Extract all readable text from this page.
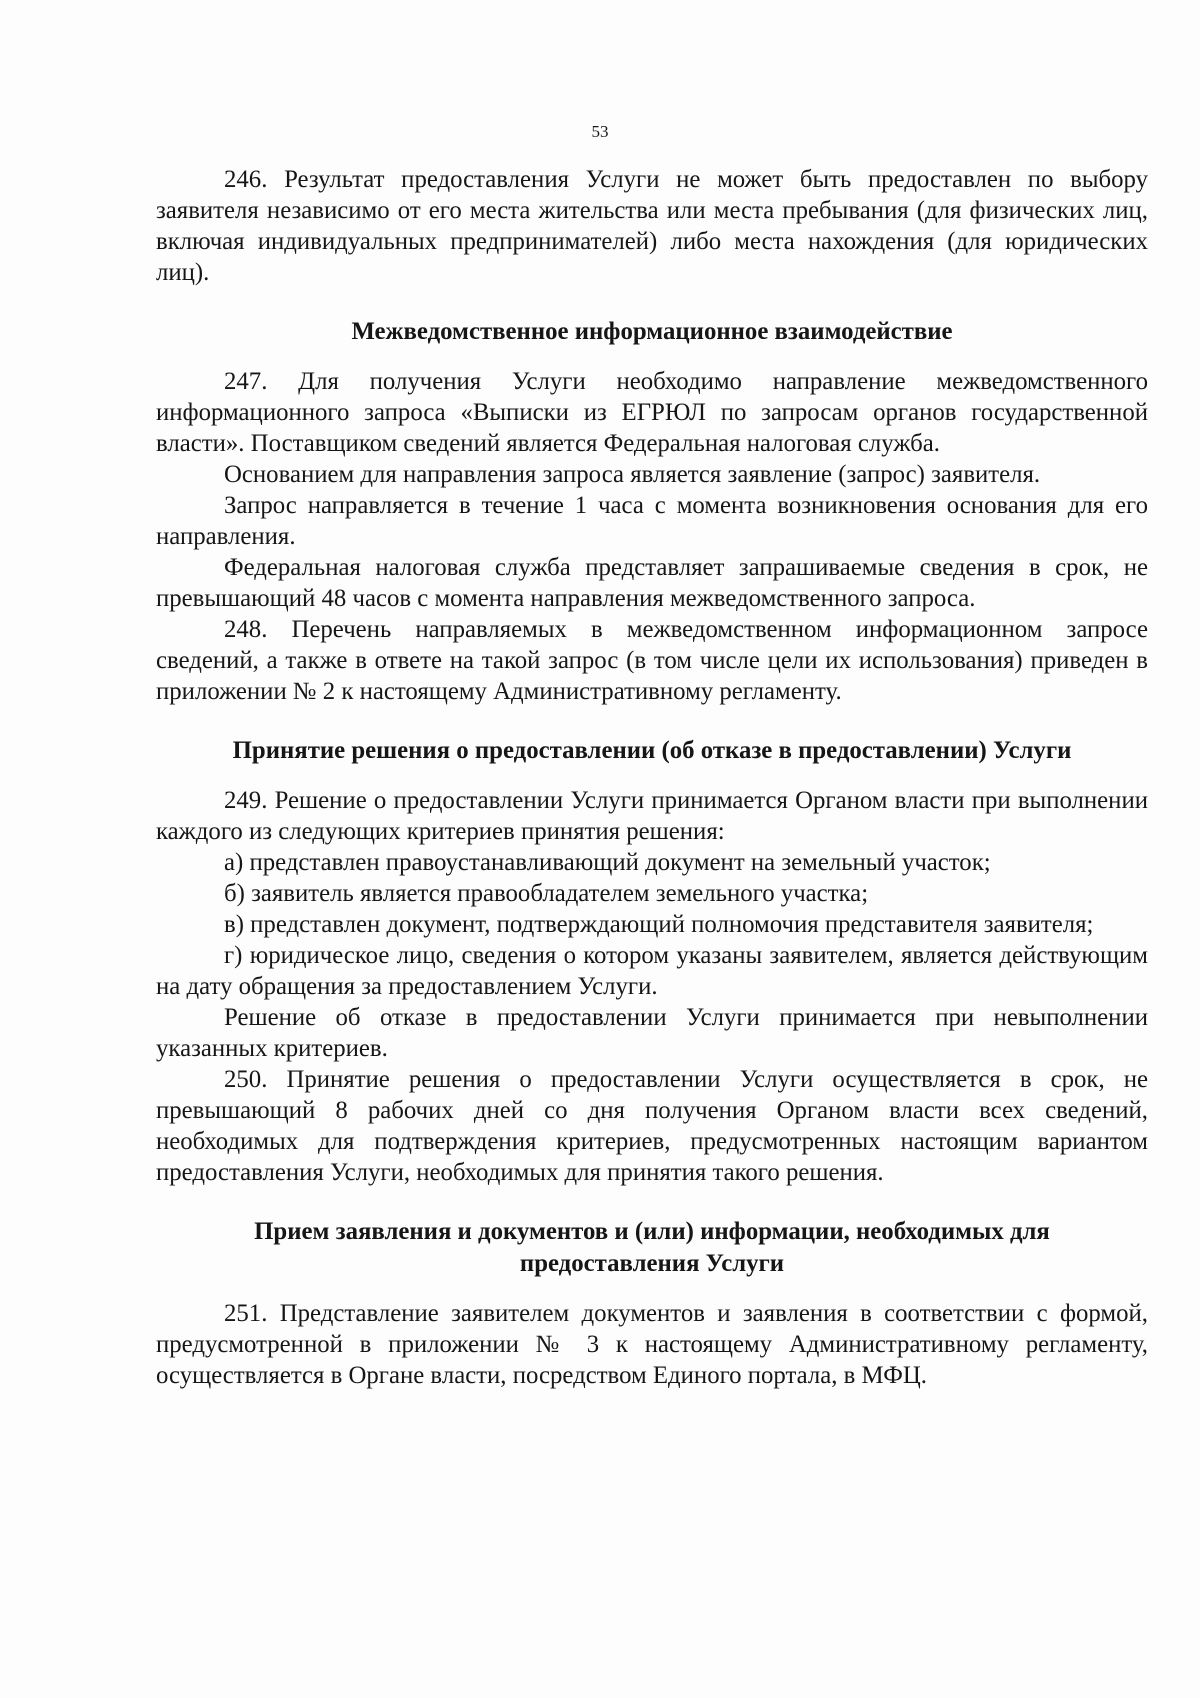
53

246. Результат предоставления Услуги не может быть предоставлен по выбору заявителя независимо от его места жительства или места пребывания (для физических лиц, включая индивидуальных предпринимателей) либо места нахождения (для юридических лиц).

Межведомственное информационное взаимодействие

247. Для получения Услуги необходимо направление межведомственного информационного запроса «Выписки из ЕГРЮЛ по запросам органов государственной власти». Поставщиком сведений является Федеральная налоговая служба.

Основанием для направления запроса является заявление (запрос) заявителя.

Запрос направляется в течение 1 часа с момента возникновения основания для его направления.

Федеральная налоговая служба представляет запрашиваемые сведения в срок, не превышающий 48 часов с момента направления межведомственного запроса.

248. Перечень направляемых в межведомственном информационном запросе сведений, а также в ответе на такой запрос (в том числе цели их использования) приведен в приложении № 2 к настоящему Административному регламенту.

Принятие решения о предоставлении (об отказе в предоставлении) Услуги

249. Решение о предоставлении Услуги принимается Органом власти при выполнении каждого из следующих критериев принятия решения:

а) представлен правоустанавливающий документ на земельный участок;

б) заявитель является правообладателем земельного участка;

в) представлен документ, подтверждающий полномочия представителя заявителя;

г) юридическое лицо, сведения о котором указаны заявителем, является действующим на дату обращения за предоставлением Услуги.

Решение об отказе в предоставлении Услуги принимается при невыполнении указанных критериев.

250. Принятие решения о предоставлении Услуги осуществляется в срок, не превышающий 8 рабочих дней со дня получения Органом власти всех сведений, необходимых для подтверждения критериев, предусмотренных настоящим вариантом предоставления Услуги, необходимых для принятия такого решения.

Прием заявления и документов и (или) информации, необходимых для
предоставления Услуги

251. Представление заявителем документов и заявления в соответствии с формой, предусмотренной в приложении № 3 к настоящему Административному регламенту, осуществляется в Органе власти, посредством Единого портала, в МФЦ.
